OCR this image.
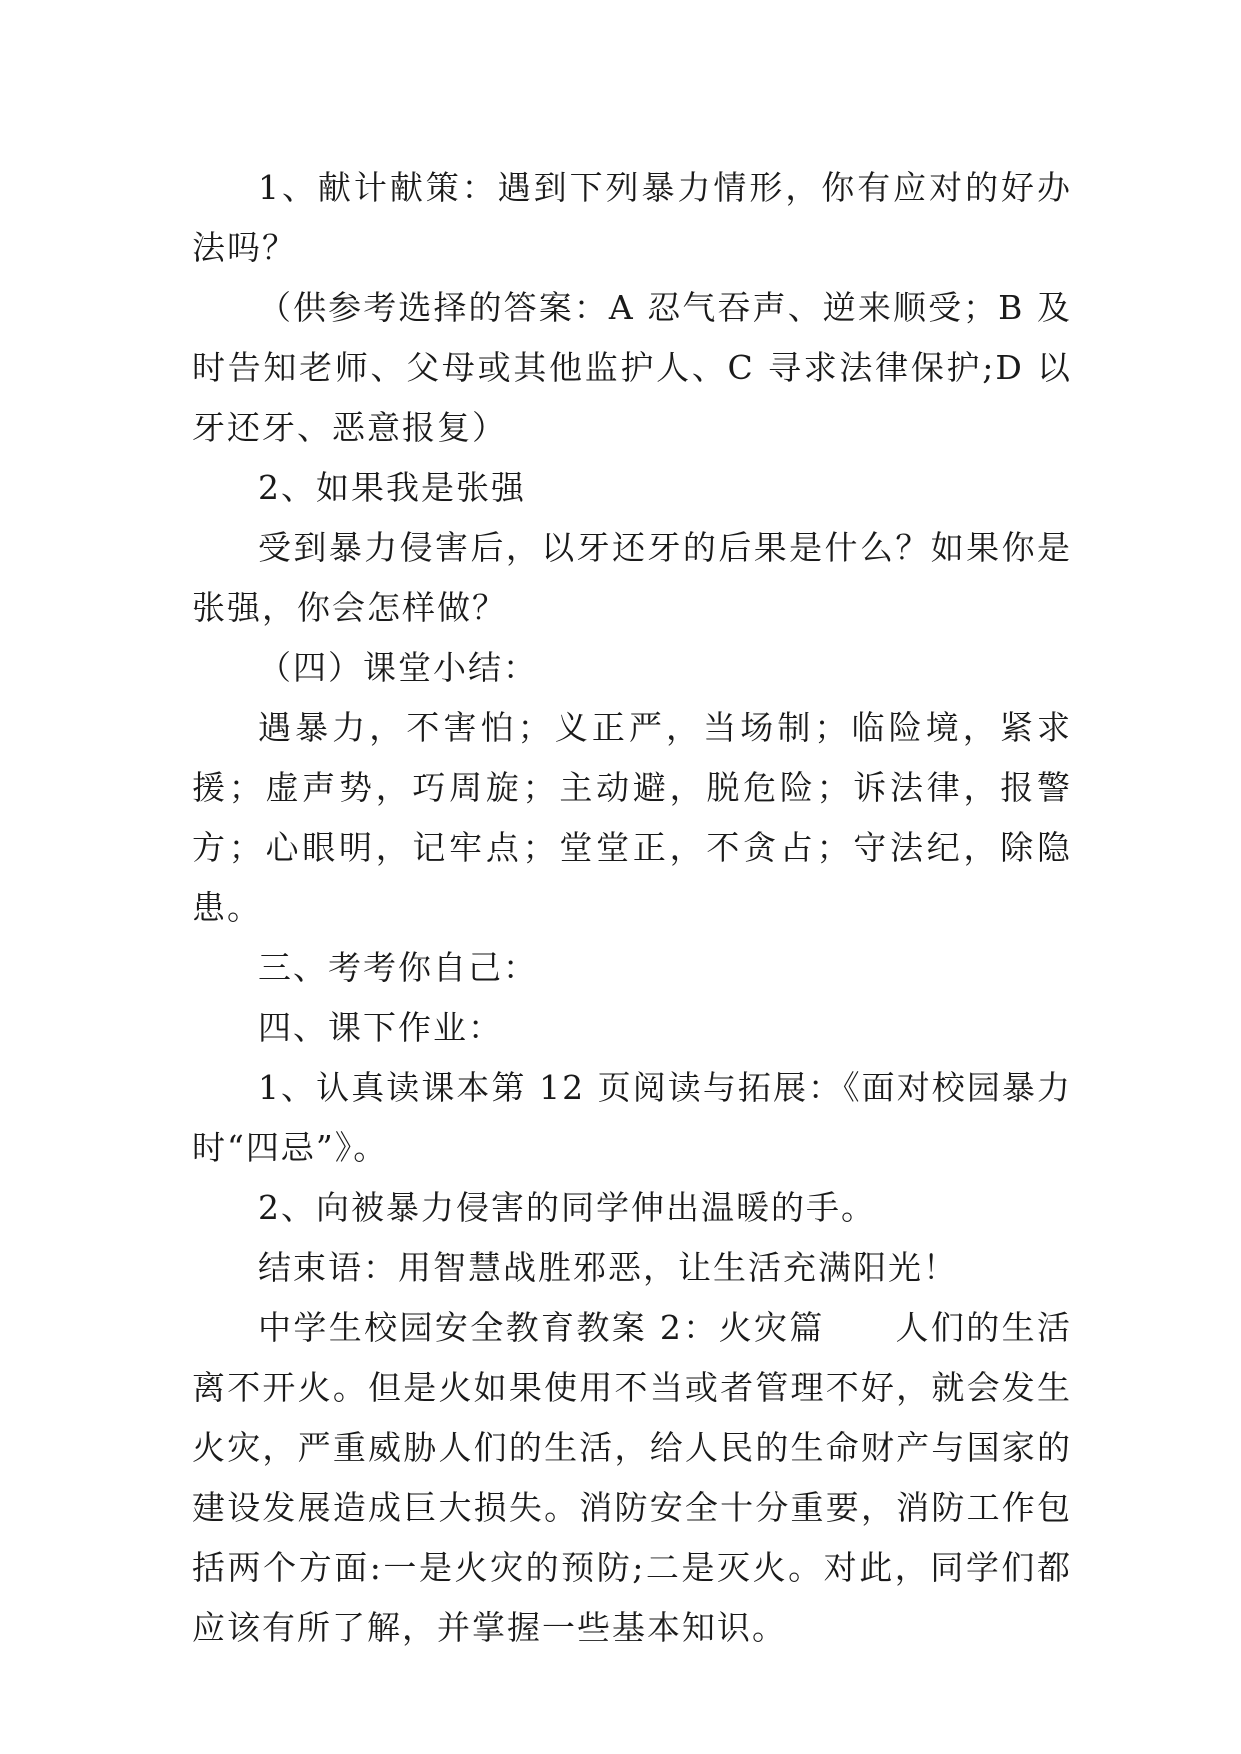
1、献计献策：遇到下列暴力情形，你有应对的好办法吗？

（供参考选择的答案：A 忍气吞声、逆来顺受；B 及时告知老师、父母或其他监护人、C 寻求法律保护;D 以牙还牙、恶意报复）

2、如果我是张强

受到暴力侵害后，以牙还牙的后果是什么？如果你是张强，你会怎样做？

（四）课堂小结：

遇暴力，不害怕；义正严，当场制；临险境，紧求援；虚声势，巧周旋；主动避，脱危险；诉法律，报警方；心眼明，记牢点；堂堂正，不贪占；守法纪，除隐患。

三、考考你自己：

四、课下作业：

1、认真读课本第 12 页阅读与拓展：《面对校园暴力时“四忌”》。

2、向被暴力侵害的同学伸出温暖的手。

结束语：用智慧战胜邪恶，让生活充满阳光！

中学生校园安全教育教案 2：火灾篇　　人们的生活离不开火。但是火如果使用不当或者管理不好，就会发生火灾，严重威胁人们的生活，给人民的生命财产与国家的建设发展造成巨大损失。消防安全十分重要，消防工作包括两个方面:一是火灾的预防;二是灭火。对此，同学们都应该有所了解，并掌握一些基本知识。
